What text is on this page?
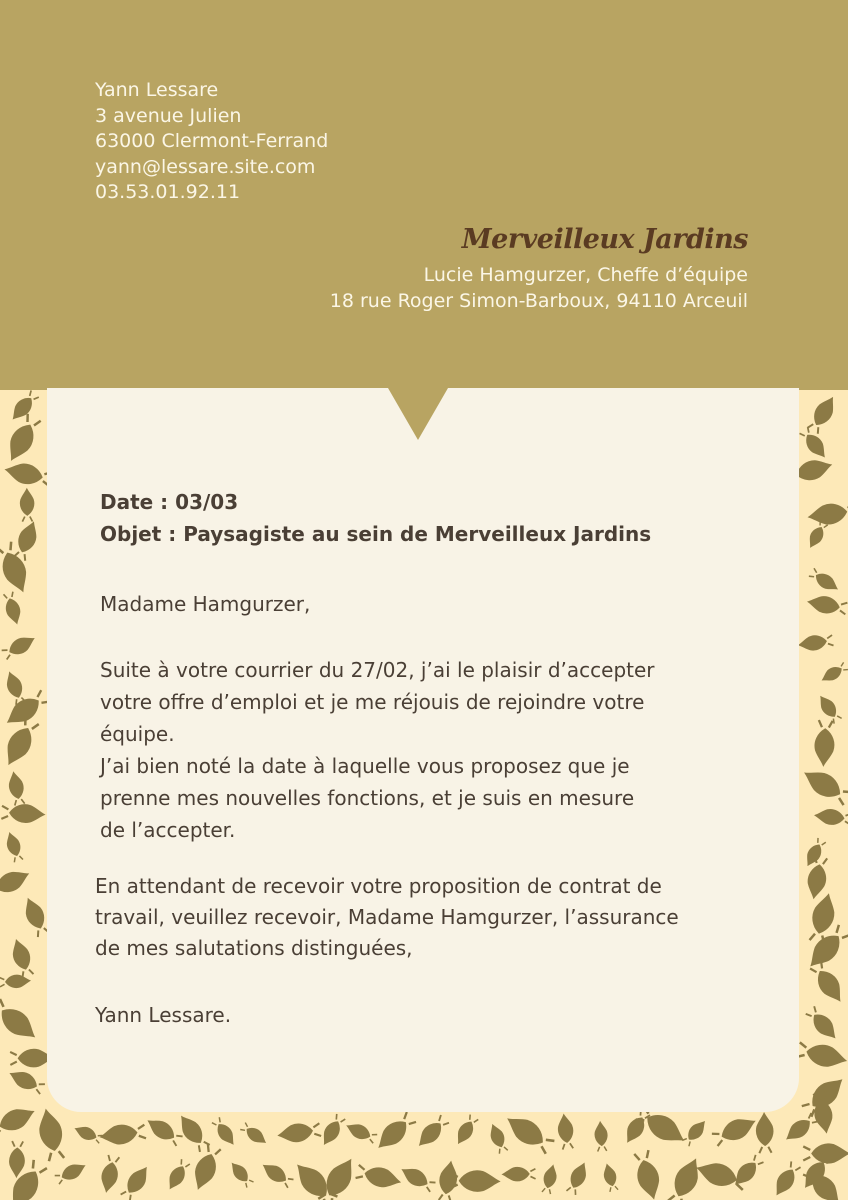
Yann Lessare
3 avenue Julien
63000 Clermont-Ferrand
yann@lessare.site.com
03.53.01.92.11
Merveilleux Jardins
Lucie Hamgurzer, Cheffe d’équipe
18 rue Roger Simon-Barboux, 94110 Arceuil
Date : 03/03
Objet : Paysagiste au sein de Merveilleux Jardins
Madame Hamgurzer,
Suite à votre courrier du 27/02, j’ai le plaisir d’accepter
votre offre d’emploi et je me réjouis de rejoindre votre
équipe.
J’ai bien noté la date à laquelle vous proposez que je
prenne mes nouvelles fonctions, et je suis en mesure
de l’accepter.
En attendant de recevoir votre proposition de contrat de
travail, veuillez recevoir, Madame Hamgurzer, l’assurance
de mes salutations distinguées,
Yann Lessare.
